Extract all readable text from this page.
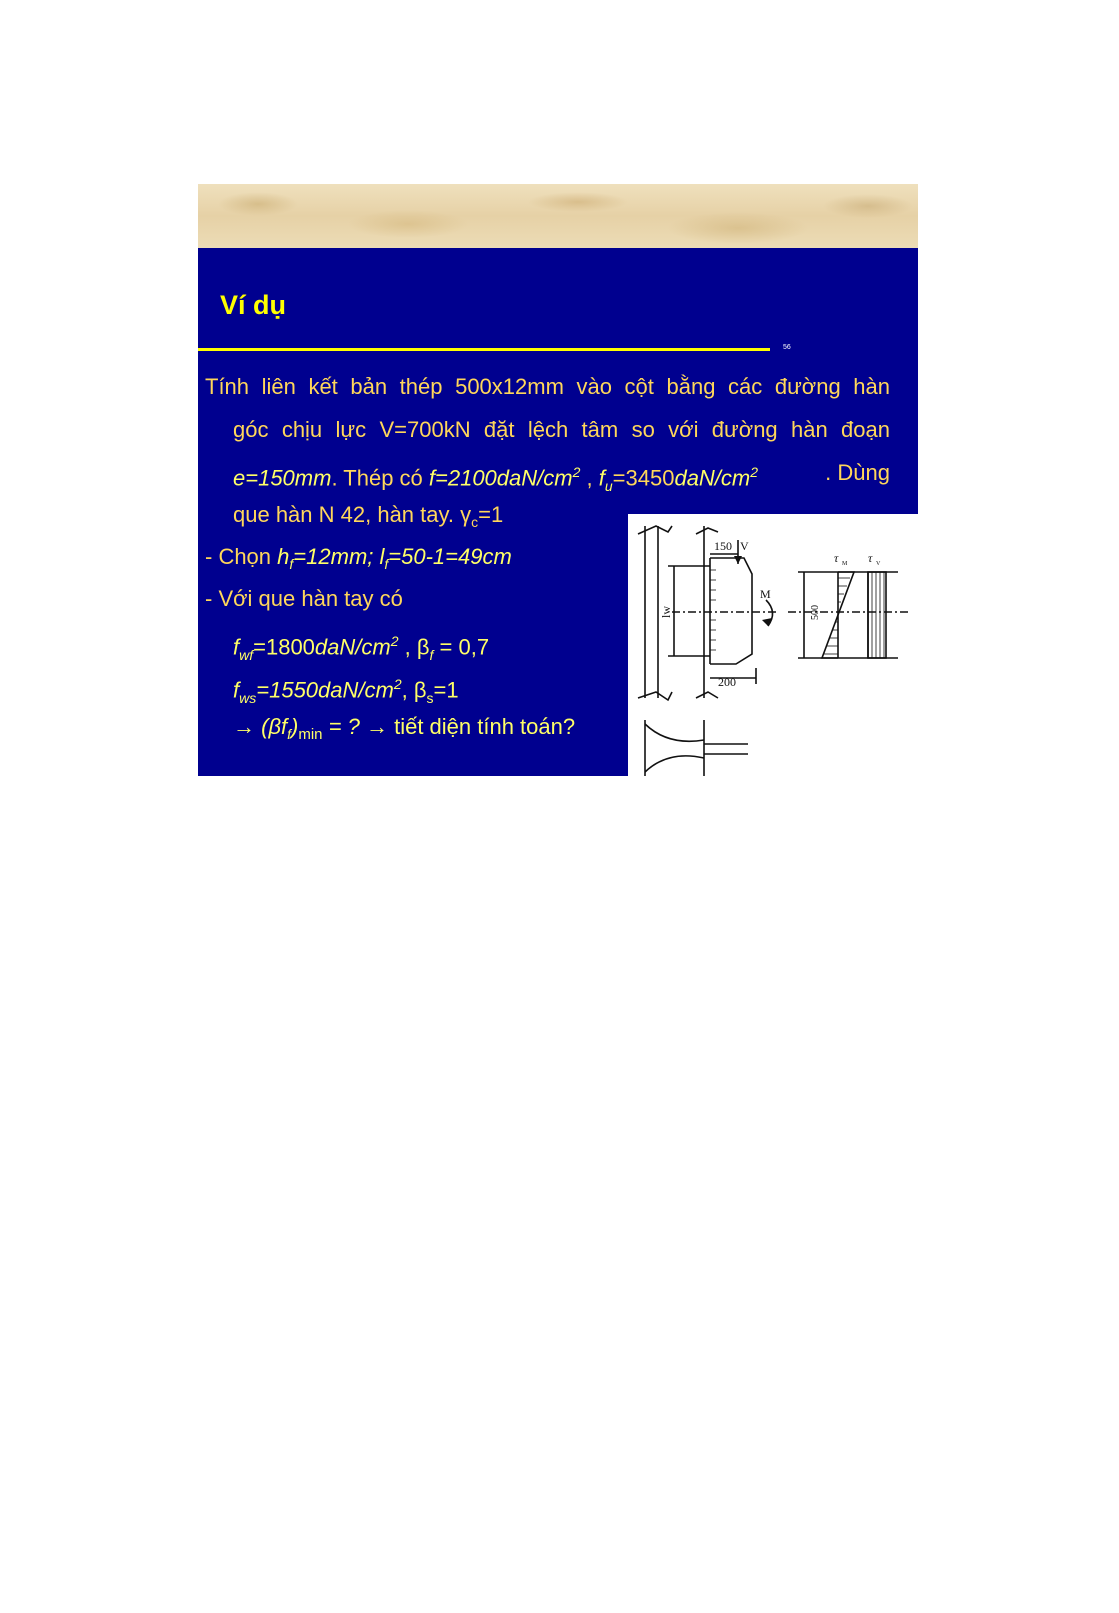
Ví dụ
56
Tính liên kết bản thép 500x12mm vào cột bằng các đường hàn
góc chịu lực V=700kN đặt lệch tâm so với đường hàn đoạn
e=150mm. Thép có $f=2100daN/cm^2$ , $f_u=3450daN/cm^2$	. Dùng
que hàn N 42, hàn tay. $\gamma_c=1$
- Chọn $h_f=12mm$; $l_f=50-1=49cm$
- Với que hàn tay có
$f_{wf}=1800daN/cm^2$ , $\beta_f = 0,7$
$f_{ws}=1550daN/cm^2$, $\beta_s=1$
→ $(\beta f_f)_{min}$ = ? → tiết diện tính toán?
150 V
M
200
lw	500
τ M τ V
